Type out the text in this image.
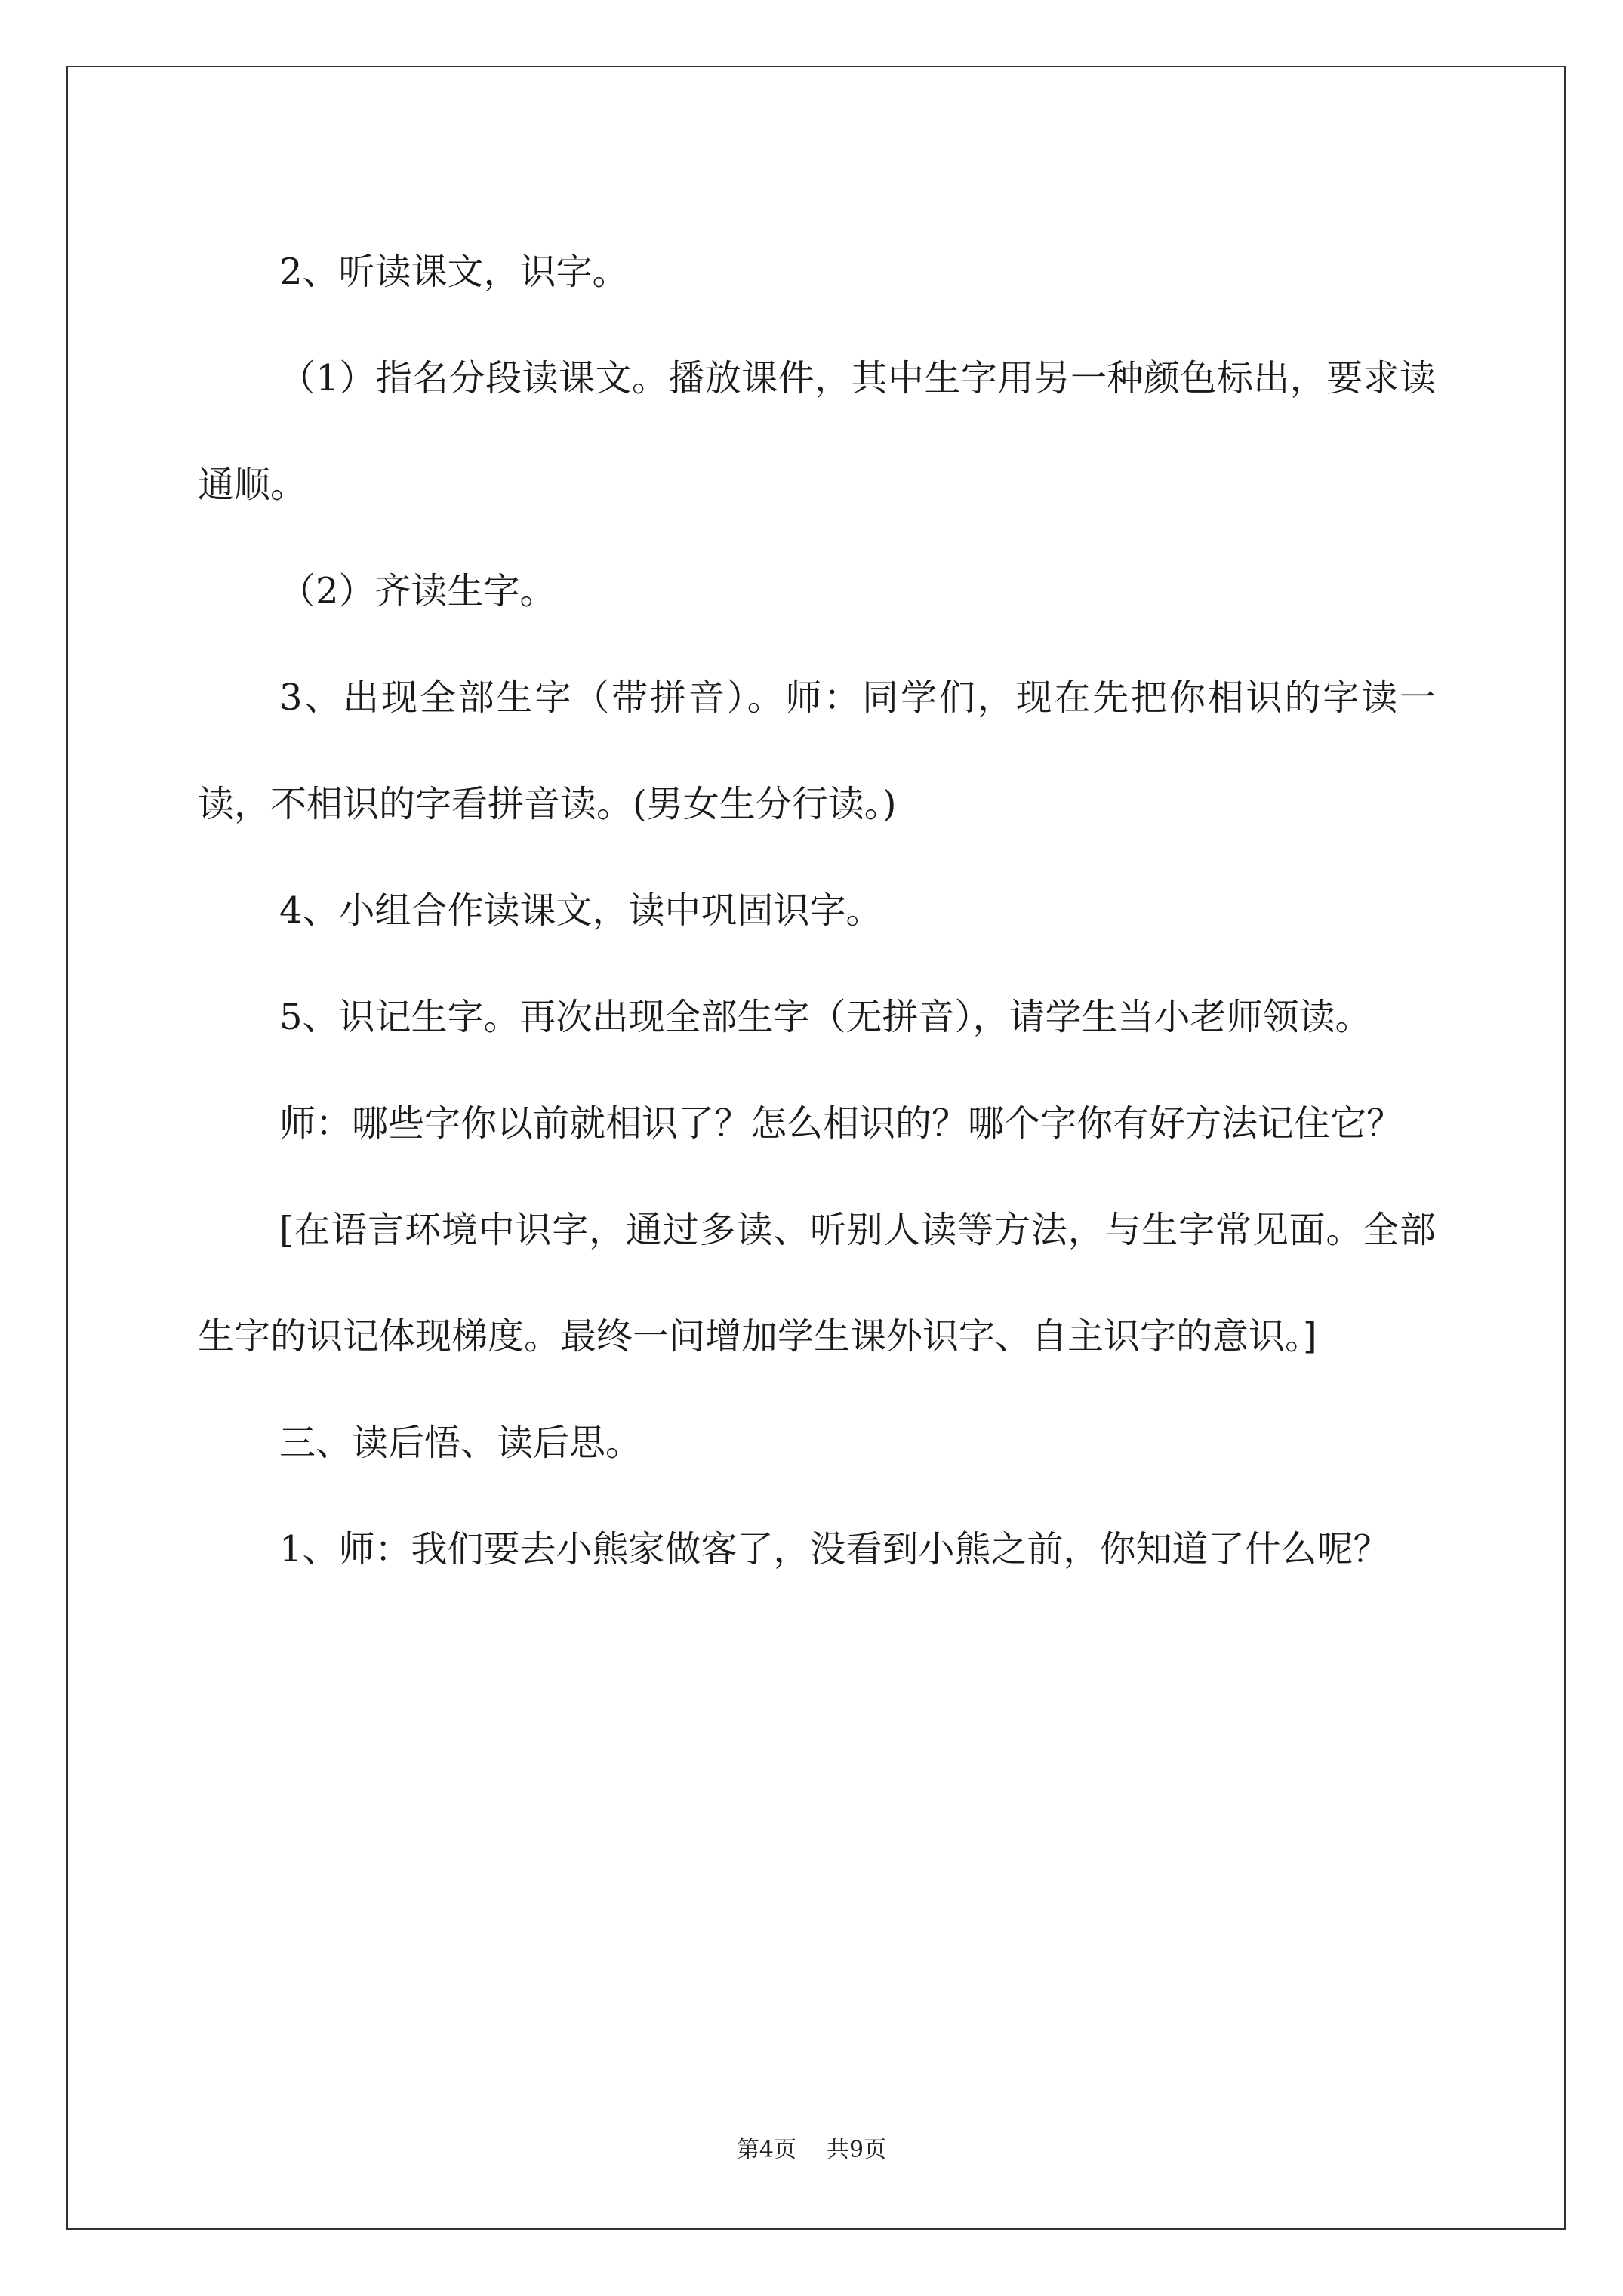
2、听读课文，识字。

（1）指名分段读课文。播放课件，其中生字用另一种颜色标出，要求读通顺。

（2）齐读生字。

3、出现全部生字（带拼音）。师：同学们，现在先把你相识的字读一读，不相识的字看拼音读。(男女生分行读。)

4、小组合作读课文，读中巩固识字。

5、识记生字。再次出现全部生字（无拼音），请学生当小老师领读。

师：哪些字你以前就相识了？怎么相识的？哪个字你有好方法记住它？

[在语言环境中识字，通过多读、听别人读等方法，与生字常见面。全部生字的识记体现梯度。最终一问增加学生课外识字、自主识字的意识。]

三、读后悟、读后思。

1、师：我们要去小熊家做客了，没看到小熊之前，你知道了什么呢？

第4页 共9页
